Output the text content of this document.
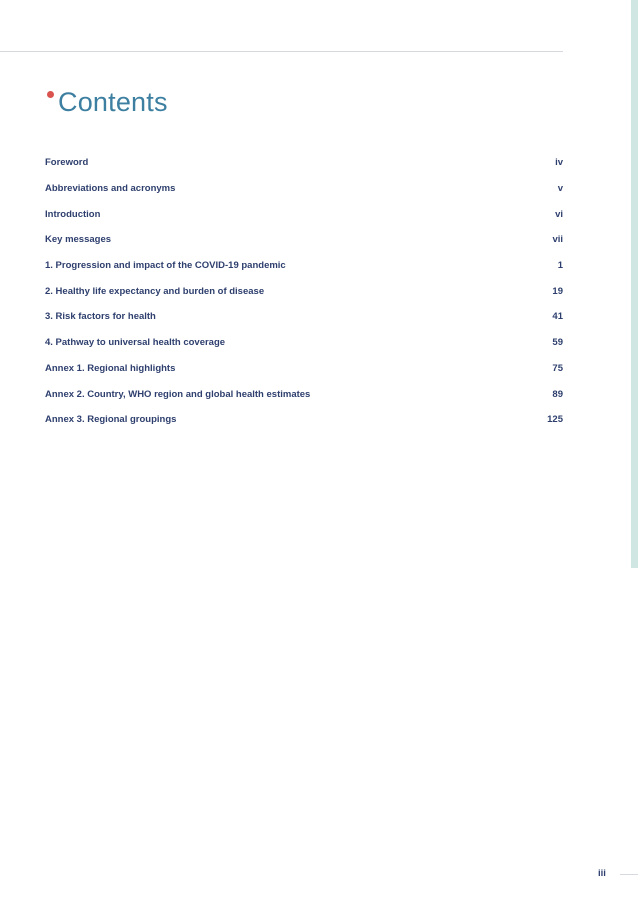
Contents
Foreword	iv
Abbreviations and acronyms	v
Introduction	vi
Key messages	vii
1. Progression and impact of the COVID-19 pandemic	1
2. Healthy life expectancy and burden of disease	19
3. Risk factors for health	41
4. Pathway to universal health coverage	59
Annex 1. Regional highlights	75
Annex 2. Country, WHO region and global health estimates	89
Annex 3. Regional groupings	125
iii
